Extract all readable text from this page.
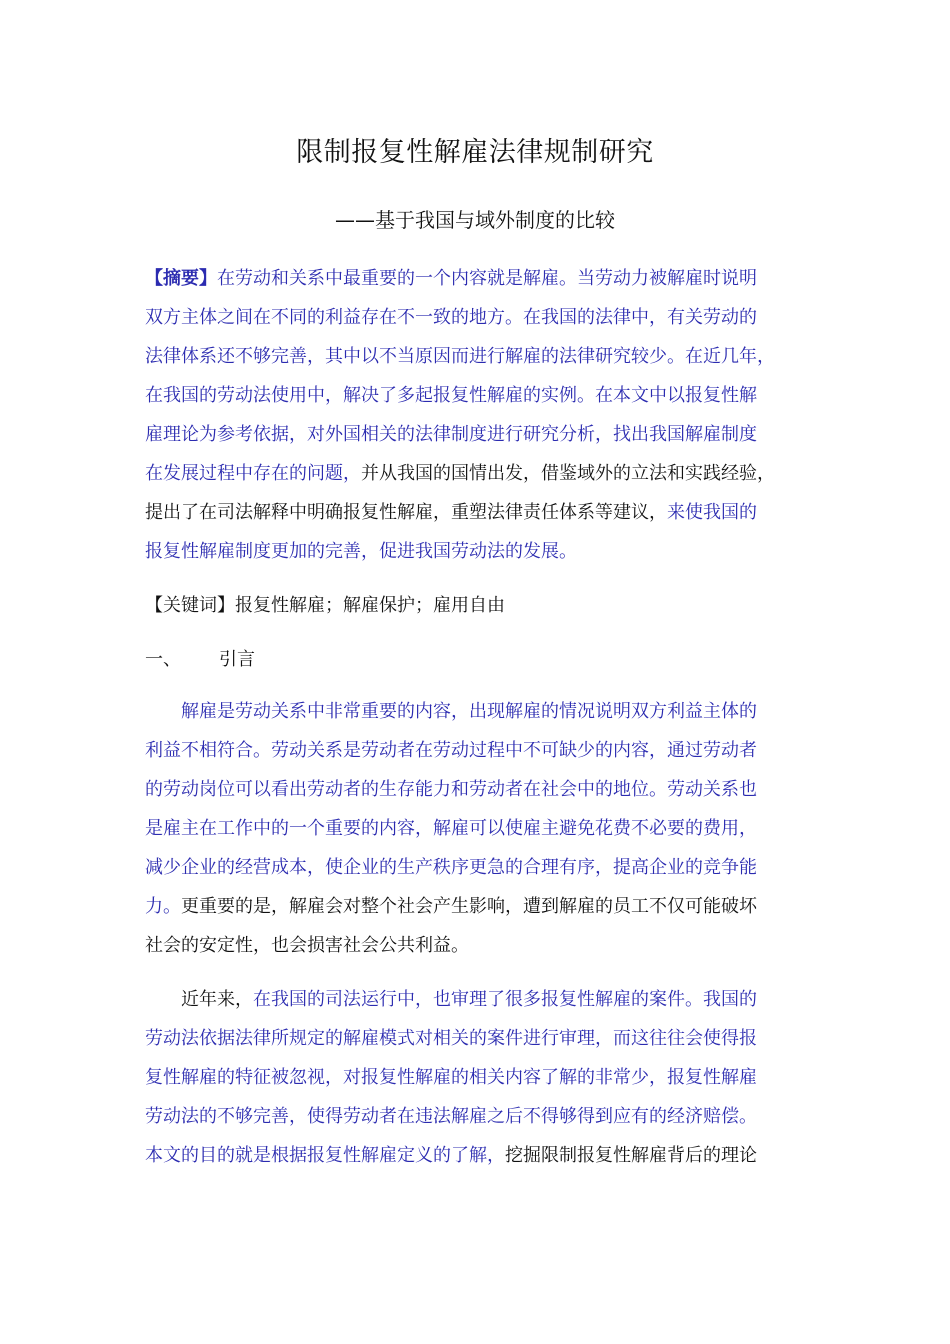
限制报复性解雇法律规制研究
——基于我国与域外制度的比较
【摘要】在劳动和关系中最重要的一个内容就是解雇。当劳动力被解雇时说明
双方主体之间在不同的利益存在不一致的地方。在我国的法律中，有关劳动的
法律体系还不够完善，其中以不当原因而进行解雇的法律研究较少。在近几年，
在我国的劳动法使用中，解决了多起报复性解雇的实例。在本文中以报复性解
雇理论为参考依据，对外国相关的法律制度进行研究分析，找出我国解雇制度
在发展过程中存在的问题，并从我国的国情出发，借鉴域外的立法和实践经验，
提出了在司法解释中明确报复性解雇，重塑法律责任体系等建议，来使我国的
报复性解雇制度更加的完善，促进我国劳动法的发展。
【关键词】报复性解雇；解雇保护；雇用自由
一、 引言
解雇是劳动关系中非常重要的内容，出现解雇的情况说明双方利益主体的
利益不相符合。劳动关系是劳动者在劳动过程中不可缺少的内容，通过劳动者
的劳动岗位可以看出劳动者的生存能力和劳动者在社会中的地位。劳动关系也
是雇主在工作中的一个重要的内容，解雇可以使雇主避免花费不必要的费用，
减少企业的经营成本，使企业的生产秩序更急的合理有序，提高企业的竞争能
力。更重要的是，解雇会对整个社会产生影响，遭到解雇的员工不仅可能破坏
社会的安定性，也会损害社会公共利益。
近年来，在我国的司法运行中，也审理了很多报复性解雇的案件。我国的
劳动法依据法律所规定的解雇模式对相关的案件进行审理，而这往往会使得报
复性解雇的特征被忽视，对报复性解雇的相关内容了解的非常少，报复性解雇
劳动法的不够完善，使得劳动者在违法解雇之后不得够得到应有的经济赔偿。
本文的目的就是根据报复性解雇定义的了解，挖掘限制报复性解雇背后的理论
